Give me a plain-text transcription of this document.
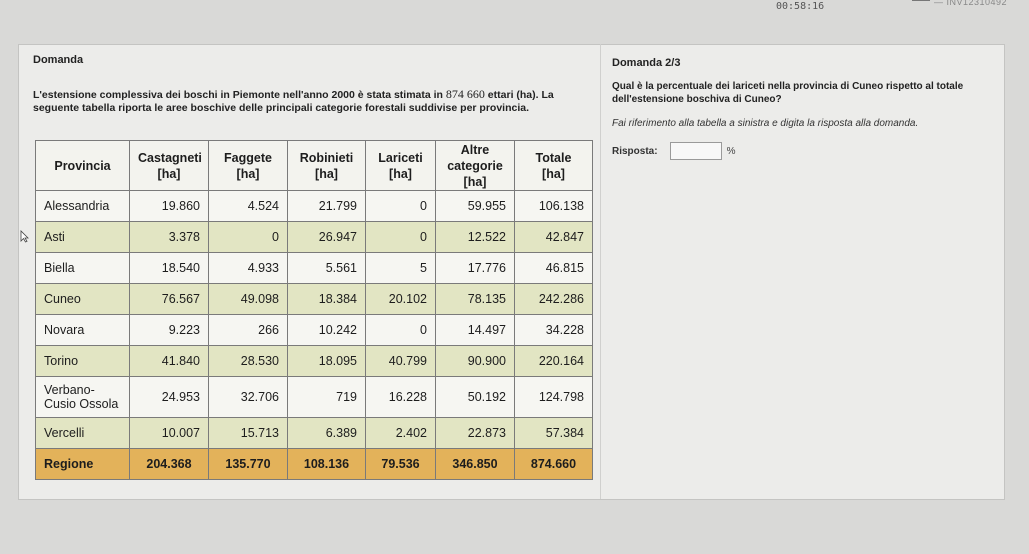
00:58:16	— INV12310492
Domanda
L'estensione complessiva dei boschi in Piemonte nell'anno 2000 è stata stimata in 874 660 ettari (ha). La seguente tabella riporta le aree boschive delle principali categorie forestali suddivise per provincia.
Domanda 2/3
Qual è la percentuale dei lariceti nella provincia di Cuneo rispetto al totale dell'estensione boschiva di Cuneo?
Fai riferimento alla tabella a sinistra e digita la risposta alla domanda.
Risposta:	%
Provincia	Castagneti [ha]	Faggete [ha]	Robinieti [ha]	Lariceti [ha]	Altre categorie [ha]	Totale [ha]
Alessandria	19.860	4.524	21.799	0	59.955	106.138
Asti	3.378	0	26.947	0	12.522	42.847
Biella	18.540	4.933	5.561	5	17.776	46.815
Cuneo	76.567	49.098	18.384	20.102	78.135	242.286
Novara	9.223	266	10.242	0	14.497	34.228
Torino	41.840	28.530	18.095	40.799	90.900	220.164
Verbano-Cusio Ossola	24.953	32.706	719	16.228	50.192	124.798
Vercelli	10.007	15.713	6.389	2.402	22.873	57.384
Regione	204.368	135.770	108.136	79.536	346.850	874.660
